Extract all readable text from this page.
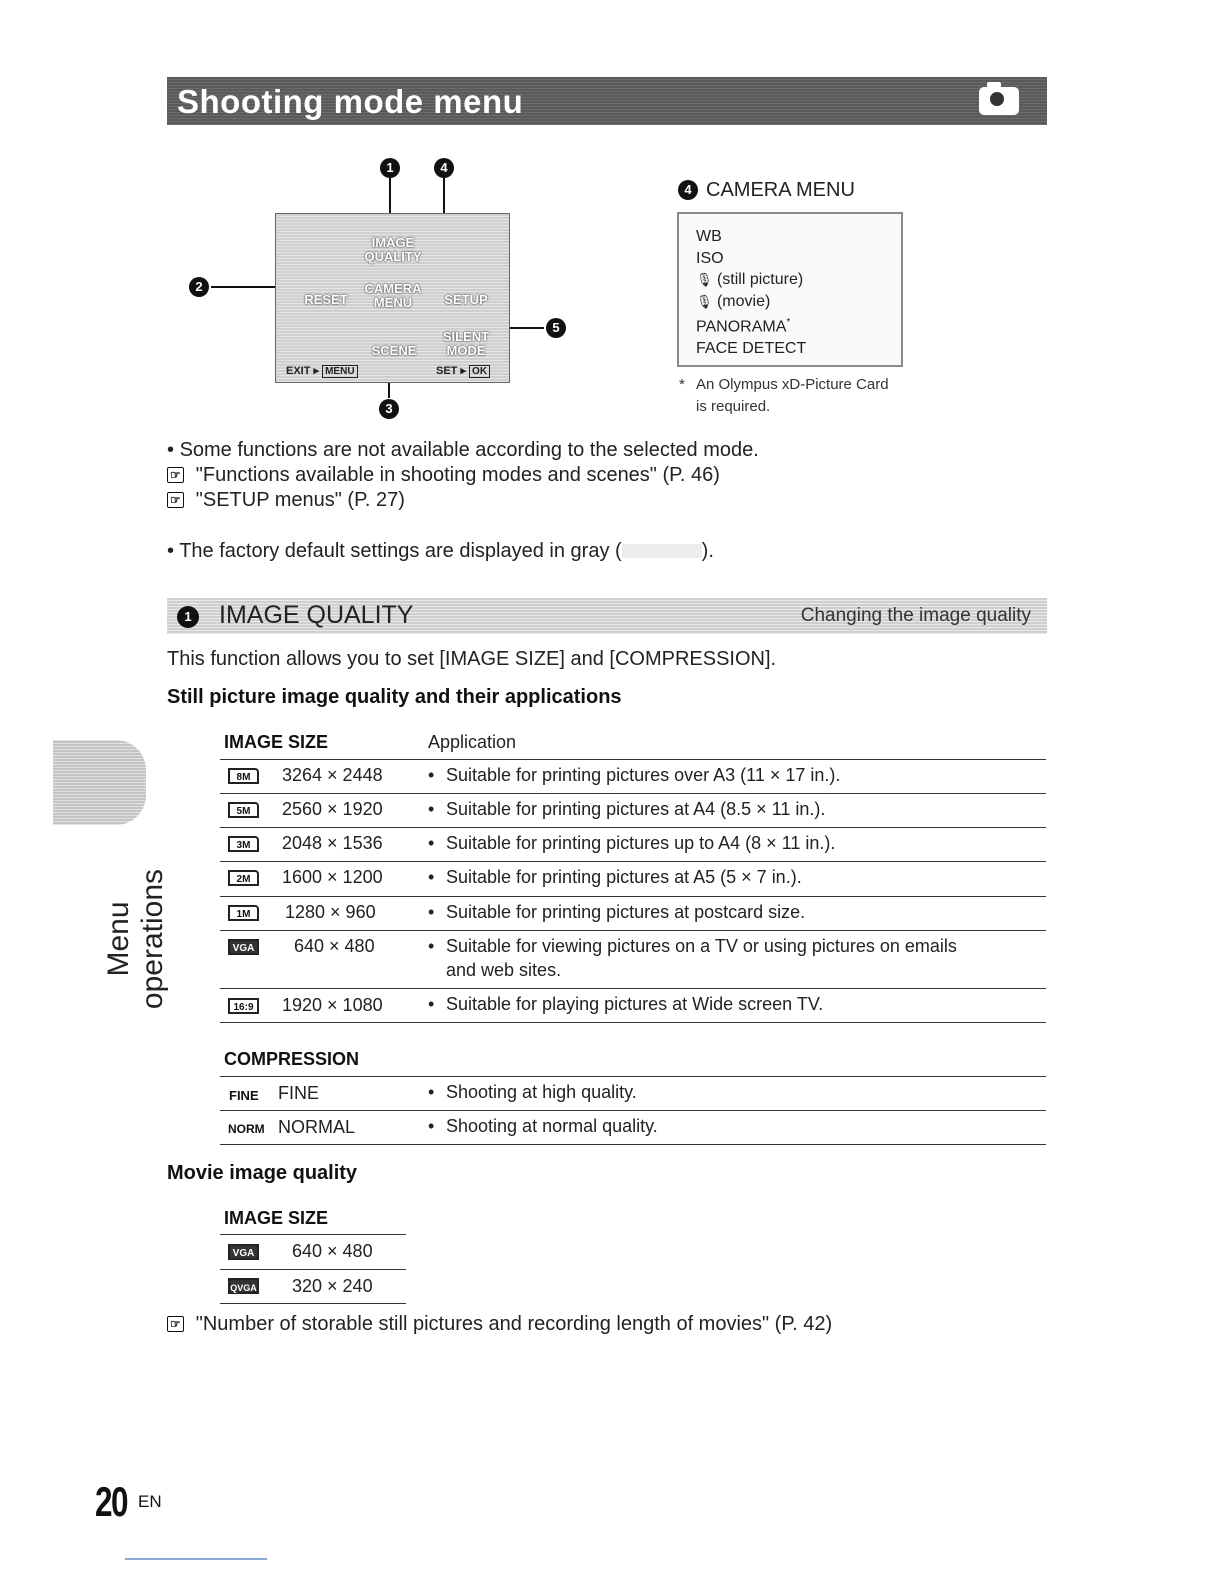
Shooting mode menu
1	4
2
5
3
IMAGE
QUALITY
RESET
CAMERA
MENU	SETUP
SCENE
SILENT
MODE
EXIT ▸ MENU	SET ▸ OK
4 CAMERA MENU
WB
ISO
🎙 (still picture)
🎙 (movie)
PANORAMA*
FACE DETECT
* An Olympus xD-Picture Card
is required.
• Some functions are not available according to the selected mode.
☞ "Functions available in shooting modes and scenes" (P. 46)
☞ "SETUP menus" (P. 27)
• The factory default settings are displayed in gray (	).
1 IMAGE QUALITY	Changing the image quality
This function allows you to set [IMAGE SIZE] and [COMPRESSION].
Menu operations
Still picture image quality and their applications
IMAGE SIZE	Application
8M	3264 × 2448	• Suitable for printing pictures over A3 (11 × 17 in.).
5M	2560 × 1920	• Suitable for printing pictures at A4 (8.5 × 11 in.).
3M	2048 × 1536	• Suitable for printing pictures up to A4 (8 × 11 in.).
2M	1600 × 1200	• Suitable for printing pictures at A5 (5 × 7 in.).
1M	1280 × 960	• Suitable for printing pictures at postcard size.
VGA 640 × 480	• Suitable for viewing pictures on a TV or using pictures on emails
and web sites.
16:9	1920 × 1080	• Suitable for playing pictures at Wide screen TV.
COMPRESSION
FINE FINE	• Shooting at high quality.
NORM NORMAL	• Shooting at normal quality.
Movie image quality
IMAGE SIZE
VGA 640 × 480
QVGA 320 × 240
☞ "Number of storable still pictures and recording length of movies" (P. 42)
20 EN
